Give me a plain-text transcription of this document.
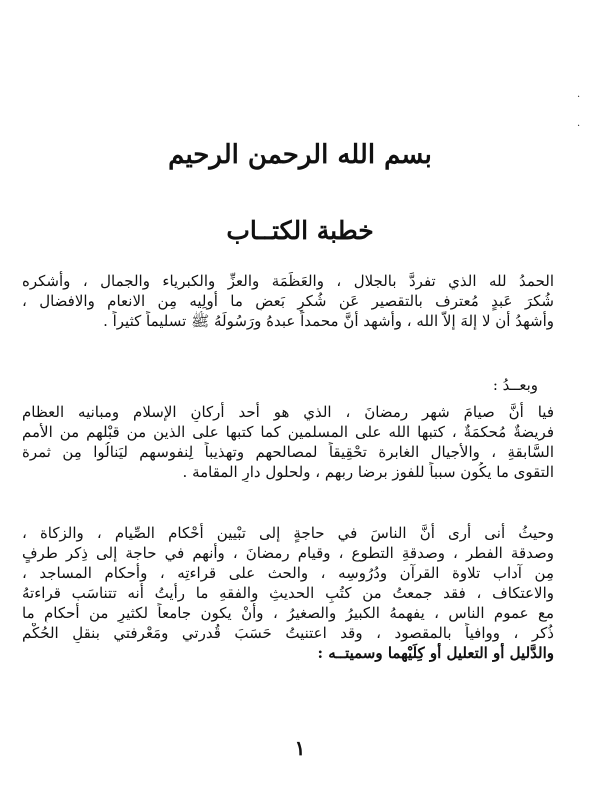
·
·
بسم الله الرحمن الرحيم
خطبة الكتــاب
الحمدُ لله الذي تفردَّ بالجلال ، والعَظَمَة والعزِّ والكبرياء والجمال ، وأشكره
شُكرَ عَبدٍ مُعترف بالتقصير عَن شُكرِ بَعضٍ ما أولِيه مِن الانعام والافضال ،
وأشهدُ أن لا إلهَ إلاّ الله ، وأشهد أنَّ محمداً عبدهُ ورَسُولَهُ ﷺ تسليماً كثيراً .
وبعــدُ :
فيا أنَّ صيامَ شهر رمضانَ ، الذي هو أحد أركانِ الإسلام ومبانيه العظام
فريضةٌ مُحكمَةٌ ، كتبها الله على المسلمين كما كتبها على الذين من قبْلهم من الأُمم
السَّابقةِ ، والأجيال الغابرة تحْقِيقاً لمصالحهم وتهذيباً لِنفوسهم ليَنالُوا مِن ثمرة
التقوى ما يكُون سبباً للفوز برضا ربهم ، ولحلول دارِ المقامة .
وحيثُ أنى أرى أنَّ الناسَ في حاجةٍ إلى تبْيين أحْكام الصِّيام ، والزكاة ،
وصدقة الفطر ، وصدقةِ التطوع ، وقيام رمضانَ ، وأنهم في حاجة إلى ذِكر طرفٍ
مِن آداب تلاوة القرآن ودُرُوسِه ، والحث على قراءتِه ، وأحكام المساجد ،
والاعتكاف ، فقد جمعتُ من كتُبِ الحديثِ والفقهِ ما رأيتُ أنه تتناسَب قراءتهُ
مع عموم الناس ، يفهمهُ الكبيرُ والصغيرُ ، وأنْ يكون جامعاً لكثيرٍ من أحكامٍ ما
ذُكر ، ووافياً بالمقصود ، وقد اعتنيتُ حَسَبَ قُدرتي ومَعْرفتي بنقلِ الحُكْم
والدَّليل أو التعليل أو كِلَيْهما وسميتــه :
١
